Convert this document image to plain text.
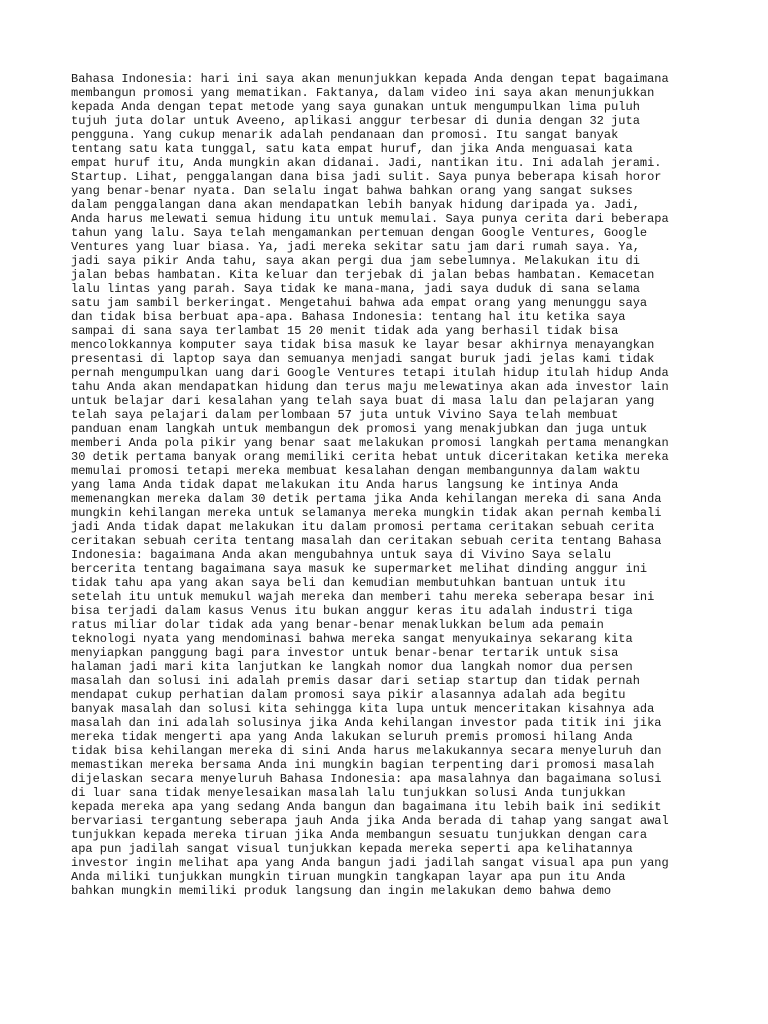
Bahasa Indonesia: hari ini saya akan menunjukkan kepada Anda dengan tepat bagaimana
membangun promosi yang mematikan. Faktanya, dalam video ini saya akan menunjukkan
kepada Anda dengan tepat metode yang saya gunakan untuk mengumpulkan lima puluh
tujuh juta dolar untuk Aveeno, aplikasi anggur terbesar di dunia dengan 32 juta
pengguna. Yang cukup menarik adalah pendanaan dan promosi. Itu sangat banyak
tentang satu kata tunggal, satu kata empat huruf, dan jika Anda menguasai kata
empat huruf itu, Anda mungkin akan didanai. Jadi, nantikan itu. Ini adalah jerami.
Startup. Lihat, penggalangan dana bisa jadi sulit. Saya punya beberapa kisah horor
yang benar-benar nyata. Dan selalu ingat bahwa bahkan orang yang sangat sukses
dalam penggalangan dana akan mendapatkan lebih banyak hidung daripada ya. Jadi,
Anda harus melewati semua hidung itu untuk memulai. Saya punya cerita dari beberapa
tahun yang lalu. Saya telah mengamankan pertemuan dengan Google Ventures, Google
Ventures yang luar biasa. Ya, jadi mereka sekitar satu jam dari rumah saya. Ya,
jadi saya pikir Anda tahu, saya akan pergi dua jam sebelumnya. Melakukan itu di
jalan bebas hambatan. Kita keluar dan terjebak di jalan bebas hambatan. Kemacetan
lalu lintas yang parah. Saya tidak ke mana-mana, jadi saya duduk di sana selama
satu jam sambil berkeringat. Mengetahui bahwa ada empat orang yang menunggu saya
dan tidak bisa berbuat apa-apa. Bahasa Indonesia: tentang hal itu ketika saya
sampai di sana saya terlambat 15 20 menit tidak ada yang berhasil tidak bisa
mencolokkannya komputer saya tidak bisa masuk ke layar besar akhirnya menayangkan
presentasi di laptop saya dan semuanya menjadi sangat buruk jadi jelas kami tidak
pernah mengumpulkan uang dari Google Ventures tetapi itulah hidup itulah hidup Anda
tahu Anda akan mendapatkan hidung dan terus maju melewatinya akan ada investor lain
untuk belajar dari kesalahan yang telah saya buat di masa lalu dan pelajaran yang
telah saya pelajari dalam perlombaan 57 juta untuk Vivino Saya telah membuat
panduan enam langkah untuk membangun dek promosi yang menakjubkan dan juga untuk
memberi Anda pola pikir yang benar saat melakukan promosi langkah pertama menangkan
30 detik pertama banyak orang memiliki cerita hebat untuk diceritakan ketika mereka
memulai promosi tetapi mereka membuat kesalahan dengan membangunnya dalam waktu
yang lama Anda tidak dapat melakukan itu Anda harus langsung ke intinya Anda
memenangkan mereka dalam 30 detik pertama jika Anda kehilangan mereka di sana Anda
mungkin kehilangan mereka untuk selamanya mereka mungkin tidak akan pernah kembali
jadi Anda tidak dapat melakukan itu dalam promosi pertama ceritakan sebuah cerita
ceritakan sebuah cerita tentang masalah dan ceritakan sebuah cerita tentang Bahasa
Indonesia: bagaimana Anda akan mengubahnya untuk saya di Vivino Saya selalu
bercerita tentang bagaimana saya masuk ke supermarket melihat dinding anggur ini
tidak tahu apa yang akan saya beli dan kemudian membutuhkan bantuan untuk itu
setelah itu untuk memukul wajah mereka dan memberi tahu mereka seberapa besar ini
bisa terjadi dalam kasus Venus itu bukan anggur keras itu adalah industri tiga
ratus miliar dolar tidak ada yang benar-benar menaklukkan belum ada pemain
teknologi nyata yang mendominasi bahwa mereka sangat menyukainya sekarang kita
menyiapkan panggung bagi para investor untuk benar-benar tertarik untuk sisa
halaman jadi mari kita lanjutkan ke langkah nomor dua langkah nomor dua persen
masalah dan solusi ini adalah premis dasar dari setiap startup dan tidak pernah
mendapat cukup perhatian dalam promosi saya pikir alasannya adalah ada begitu
banyak masalah dan solusi kita sehingga kita lupa untuk menceritakan kisahnya ada
masalah dan ini adalah solusinya jika Anda kehilangan investor pada titik ini jika
mereka tidak mengerti apa yang Anda lakukan seluruh premis promosi hilang Anda
tidak bisa kehilangan mereka di sini Anda harus melakukannya secara menyeluruh dan
memastikan mereka bersama Anda ini mungkin bagian terpenting dari promosi masalah
dijelaskan secara menyeluruh Bahasa Indonesia: apa masalahnya dan bagaimana solusi
di luar sana tidak menyelesaikan masalah lalu tunjukkan solusi Anda tunjukkan
kepada mereka apa yang sedang Anda bangun dan bagaimana itu lebih baik ini sedikit
bervariasi tergantung seberapa jauh Anda jika Anda berada di tahap yang sangat awal
tunjukkan kepada mereka tiruan jika Anda membangun sesuatu tunjukkan dengan cara
apa pun jadilah sangat visual tunjukkan kepada mereka seperti apa kelihatannya
investor ingin melihat apa yang Anda bangun jadi jadilah sangat visual apa pun yang
Anda miliki tunjukkan mungkin tiruan mungkin tangkapan layar apa pun itu Anda
bahkan mungkin memiliki produk langsung dan ingin melakukan demo bahwa demo
